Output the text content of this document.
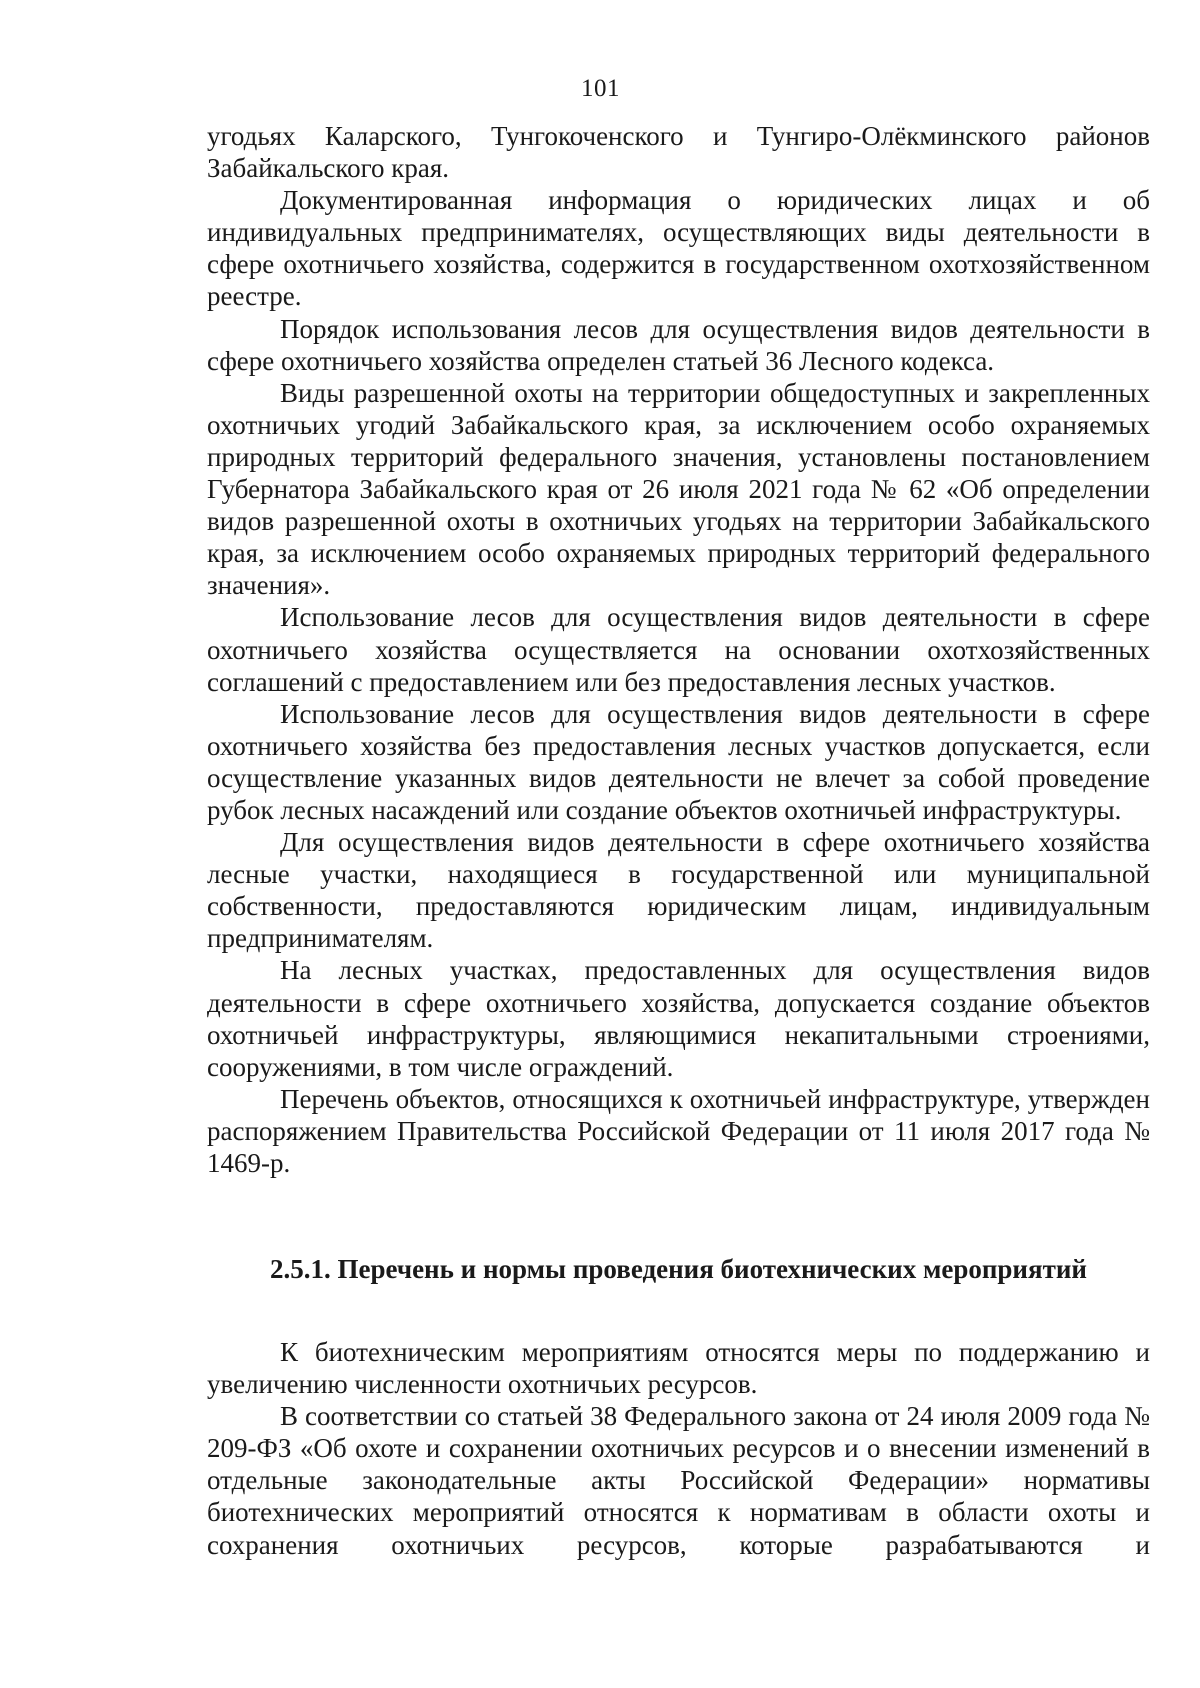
101

угодьях Каларского, Тунгокоченского и Тунгиро-Олёкминского районов Забайкальского края.

Документированная информация о юридических лицах и об индивидуальных предпринимателях, осуществляющих виды деятельности в сфере охотничьего хозяйства, содержится в государственном охотхозяйственном реестре.

Порядок использования лесов для осуществления видов деятельности в сфере охотничьего хозяйства определен статьей 36 Лесного кодекса.

Виды разрешенной охоты на территории общедоступных и закрепленных охотничьих угодий Забайкальского края, за исключением особо охраняемых природных территорий федерального значения, установлены постановлением Губернатора Забайкальского края от 26 июля 2021 года № 62 «Об определении видов разрешенной охоты в охотничьих угодьях на территории Забайкальского края, за исключением особо охраняемых природных территорий федерального значения».

Использование лесов для осуществления видов деятельности в сфере охотничьего хозяйства осуществляется на основании охотхозяйственных соглашений с предоставлением или без предоставления лесных участков.

Использование лесов для осуществления видов деятельности в сфере охотничьего хозяйства без предоставления лесных участков допускается, если осуществление указанных видов деятельности не влечет за собой проведение рубок лесных насаждений или создание объектов охотничьей инфраструктуры.

Для осуществления видов деятельности в сфере охотничьего хозяйства лесные участки, находящиеся в государственной или муниципальной собственности, предоставляются юридическим лицам, индивидуальным предпринимателям.

На лесных участках, предоставленных для осуществления видов деятельности в сфере охотничьего хозяйства, допускается создание объектов охотничьей инфраструктуры, являющимися некапитальными строениями, сооружениями, в том числе ограждений.

Перечень объектов, относящихся к охотничьей инфраструктуре, утвержден распоряжением Правительства Российской Федерации от 11 июля 2017 года № 1469-р.

2.5.1. Перечень и нормы проведения биотехнических мероприятий

К биотехническим мероприятиям относятся меры по поддержанию и увеличению численности охотничьих ресурсов.

В соответствии со статьей 38 Федерального закона от 24 июля 2009 года № 209-ФЗ «Об охоте и сохранении охотничьих ресурсов и о внесении изменений в отдельные законодательные акты Российской Федерации» нормативы биотехнических мероприятий относятся к нормативам в области охоты и сохранения охотничьих ресурсов, которые разрабатываются и
